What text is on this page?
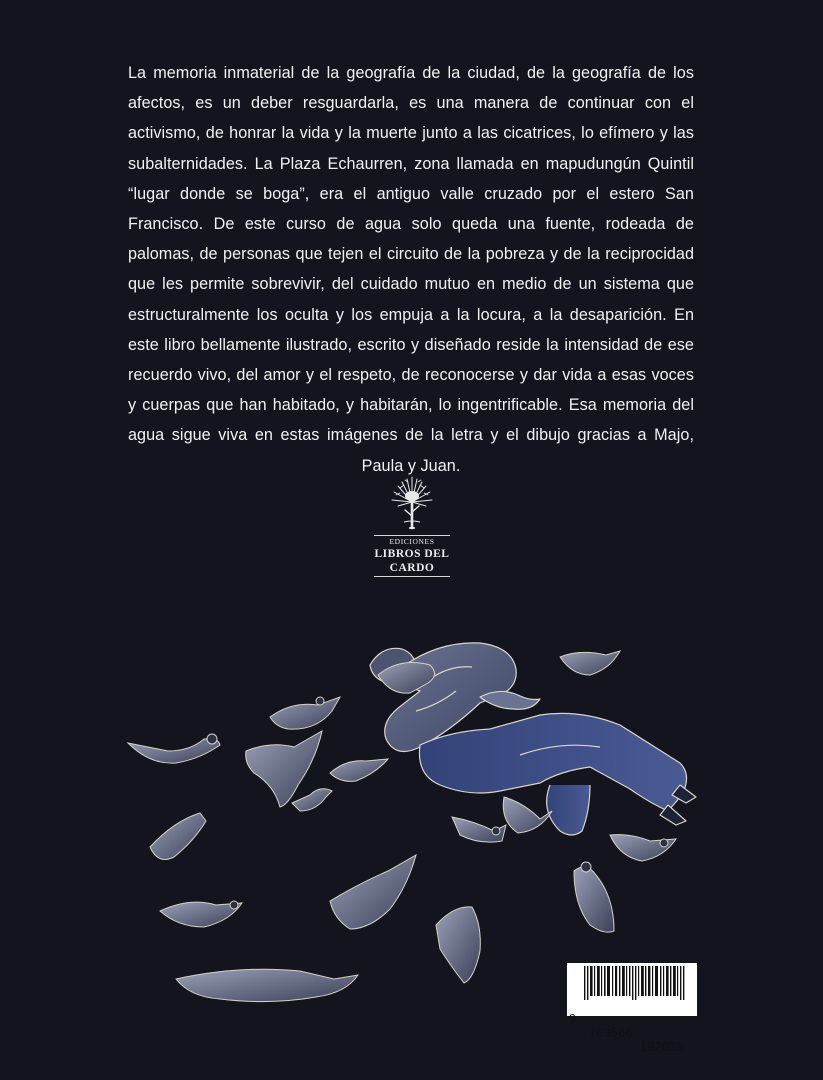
La memoria inmaterial de la geografía de la ciudad, de la geografía de los afectos, es un deber resguardarla, es una manera de continuar con el activismo, de honrar la vida y la muerte junto a las cicatrices, lo efímero y las subalternidades. La Plaza Echaurren, zona llamada en mapudungún Quintil “lugar donde se boga”, era el antiguo valle cruzado por el estero San Francisco. De este curso de agua solo queda una fuente, rodeada de palomas, de personas que tejen el circuito de la pobreza y de la reciprocidad que les permite sobrevivir, del cuidado mutuo en medio de un sistema que estructuralmente los oculta y los empuja a la locura, a la desaparición. En este libro bellamente ilustrado, escrito y diseñado reside la intensidad de ese recuerdo vivo, del amor y el respeto, de reconocerse y dar vida a esas voces y cuerpas que han habitado, y habitarán, lo ingentrificable. Esa memoria del agua sigue viva en estas imágenes de la letra y el dibujo gracias a Majo, Paula y Juan.

EDICIONES
LIBROS DEL
CARDO

9

789566

192039
